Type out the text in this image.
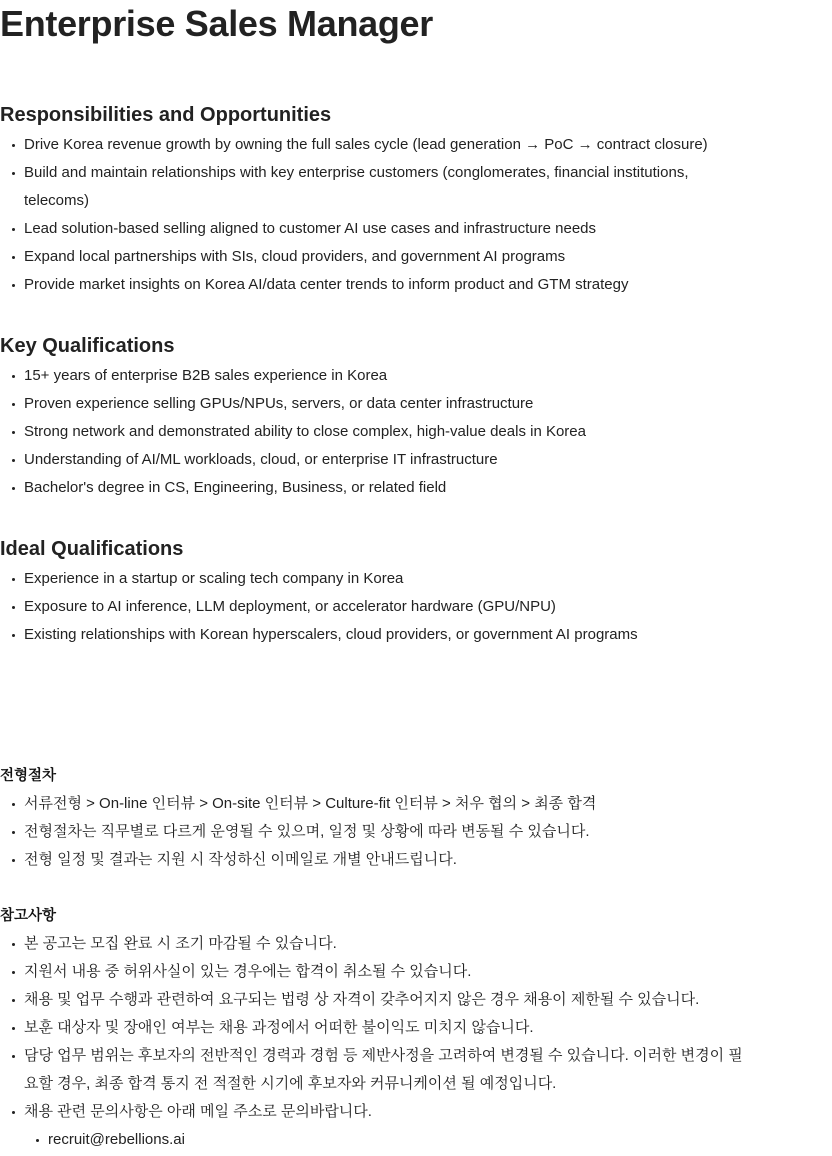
Enterprise Sales Manager
Responsibilities and Opportunities
Drive Korea revenue growth by owning the full sales cycle (lead generation → PoC → contract closure)
Build and maintain relationships with key enterprise customers (conglomerates, financial institutions, telecoms)
Lead solution-based selling aligned to customer AI use cases and infrastructure needs
Expand local partnerships with SIs, cloud providers, and government AI programs
Provide market insights on Korea AI/data center trends to inform product and GTM strategy
Key Qualifications
15+ years of enterprise B2B sales experience in Korea
Proven experience selling GPUs/NPUs, servers, or data center infrastructure
Strong network and demonstrated ability to close complex, high-value deals in Korea
Understanding of AI/ML workloads, cloud, or enterprise IT infrastructure
Bachelor's degree in CS, Engineering, Business, or related field
Ideal Qualifications
Experience in a startup or scaling tech company in Korea
Exposure to AI inference, LLM deployment, or accelerator hardware (GPU/NPU)
Existing relationships with Korean hyperscalers, cloud providers, or government AI programs
전형절차
서류전형 > On-line 인터뷰 > On-site 인터뷰 > Culture-fit 인터뷰 > 처우 협의 > 최종 합격
전형절차는 직무별로 다르게 운영될 수 있으며, 일정 및 상황에 따라 변동될 수 있습니다.
전형 일정 및 결과는 지원 시 작성하신 이메일로 개별 안내드립니다.
참고사항
본 공고는 모집 완료 시 조기 마감될 수 있습니다.
지원서 내용 중 허위사실이 있는 경우에는 합격이 취소될 수 있습니다.
채용 및 업무 수행과 관련하여 요구되는 법령 상 자격이 갖추어지지 않은 경우 채용이 제한될 수 있습니다.
보훈 대상자 및 장애인 여부는 채용 과정에서 어떠한 불이익도 미치지 않습니다.
담당 업무 범위는 후보자의 전반적인 경력과 경험 등 제반사정을 고려하여 변경될 수 있습니다. 이러한 변경이 필요할 경우, 최종 합격 통지 전 적절한 시기에 후보자와 커뮤니케이션 될 예정입니다.
채용 관련 문의사항은 아래 메일 주소로 문의바랍니다.
recruit@rebellions.ai
